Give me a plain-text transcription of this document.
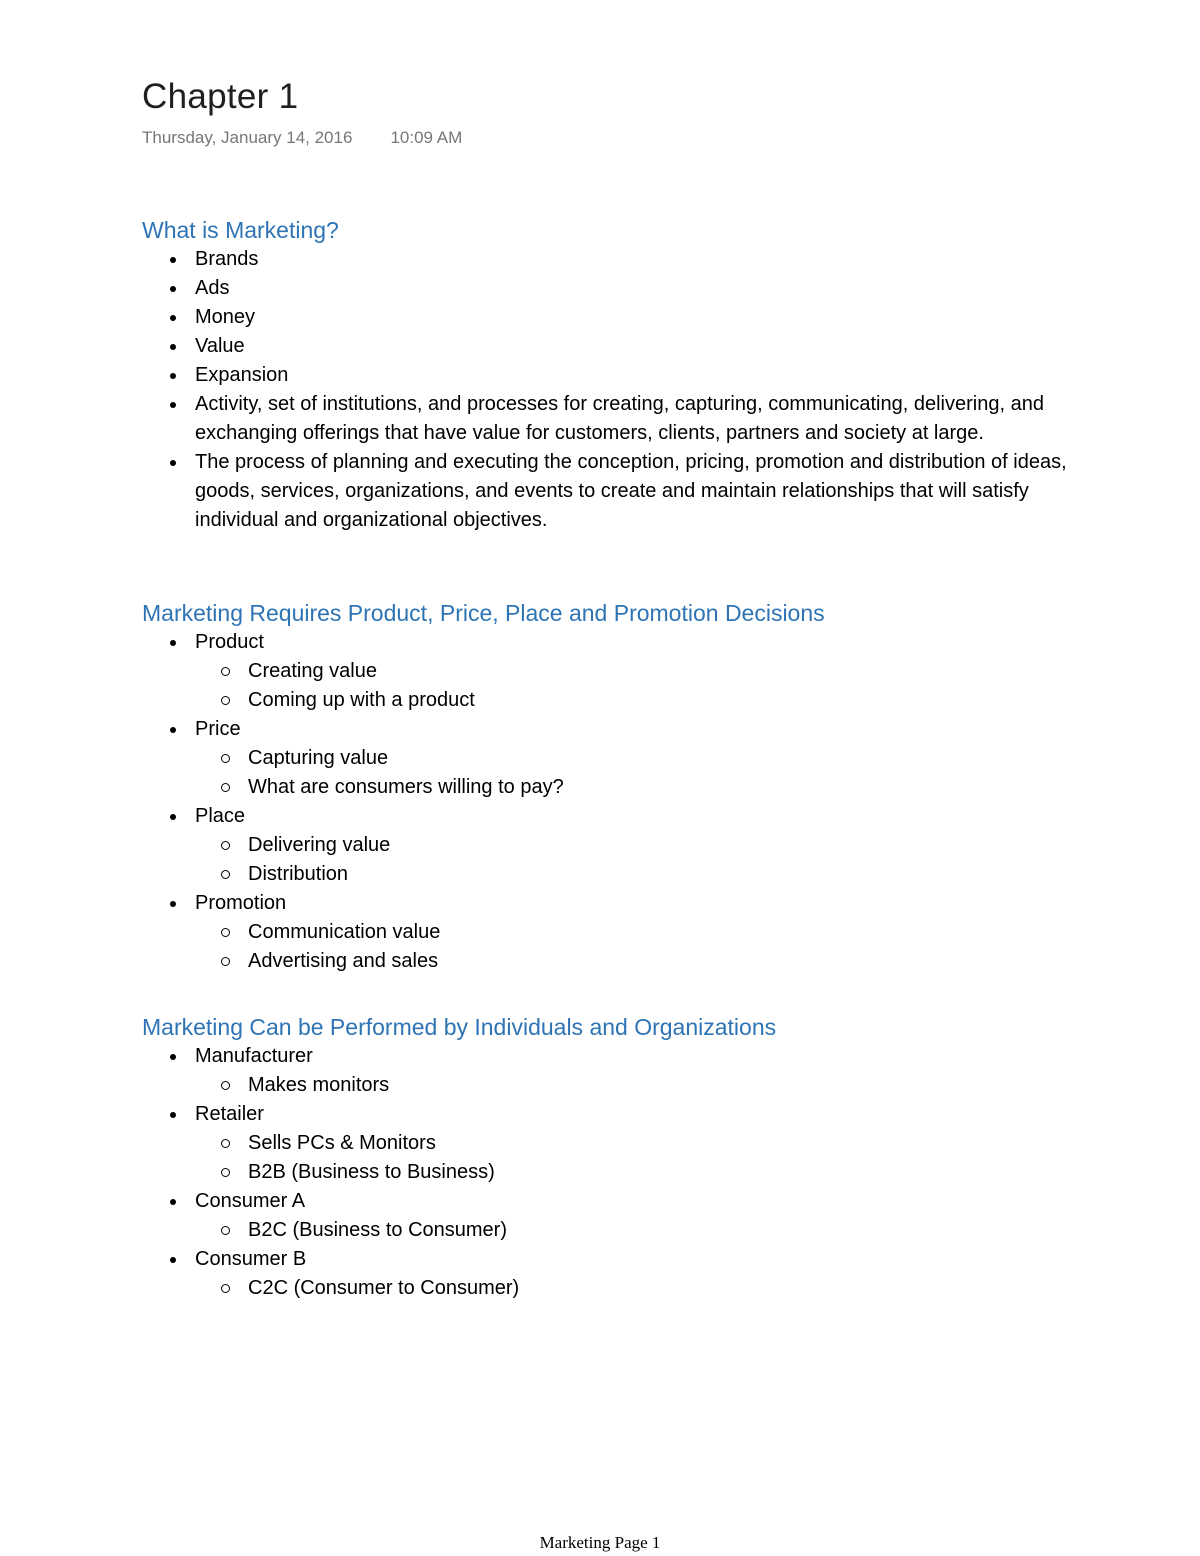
Chapter 1
Thursday, January 14, 2016 10:09 AM
What is Marketing?
Brands
Ads
Money
Value
Expansion
Activity, set of institutions, and processes for creating, capturing, communicating, delivering, and exchanging offerings that have value for customers, clients, partners and society at large.
The process of planning and executing the conception, pricing, promotion and distribution of ideas, goods, services, organizations, and events to create and maintain relationships that will satisfy individual and organizational objectives.
Marketing Requires Product, Price, Place and Promotion Decisions
Product
Creating value
Coming up with a product
Price
Capturing value
What are consumers willing to pay?
Place
Delivering value
Distribution
Promotion
Communication value
Advertising and sales
Marketing Can be Performed by Individuals and Organizations
Manufacturer
Makes monitors
Retailer
Sells PCs & Monitors
B2B (Business to Business)
Consumer A
B2C (Business to Consumer)
Consumer B
C2C (Consumer to Consumer)
Marketing Page 1
